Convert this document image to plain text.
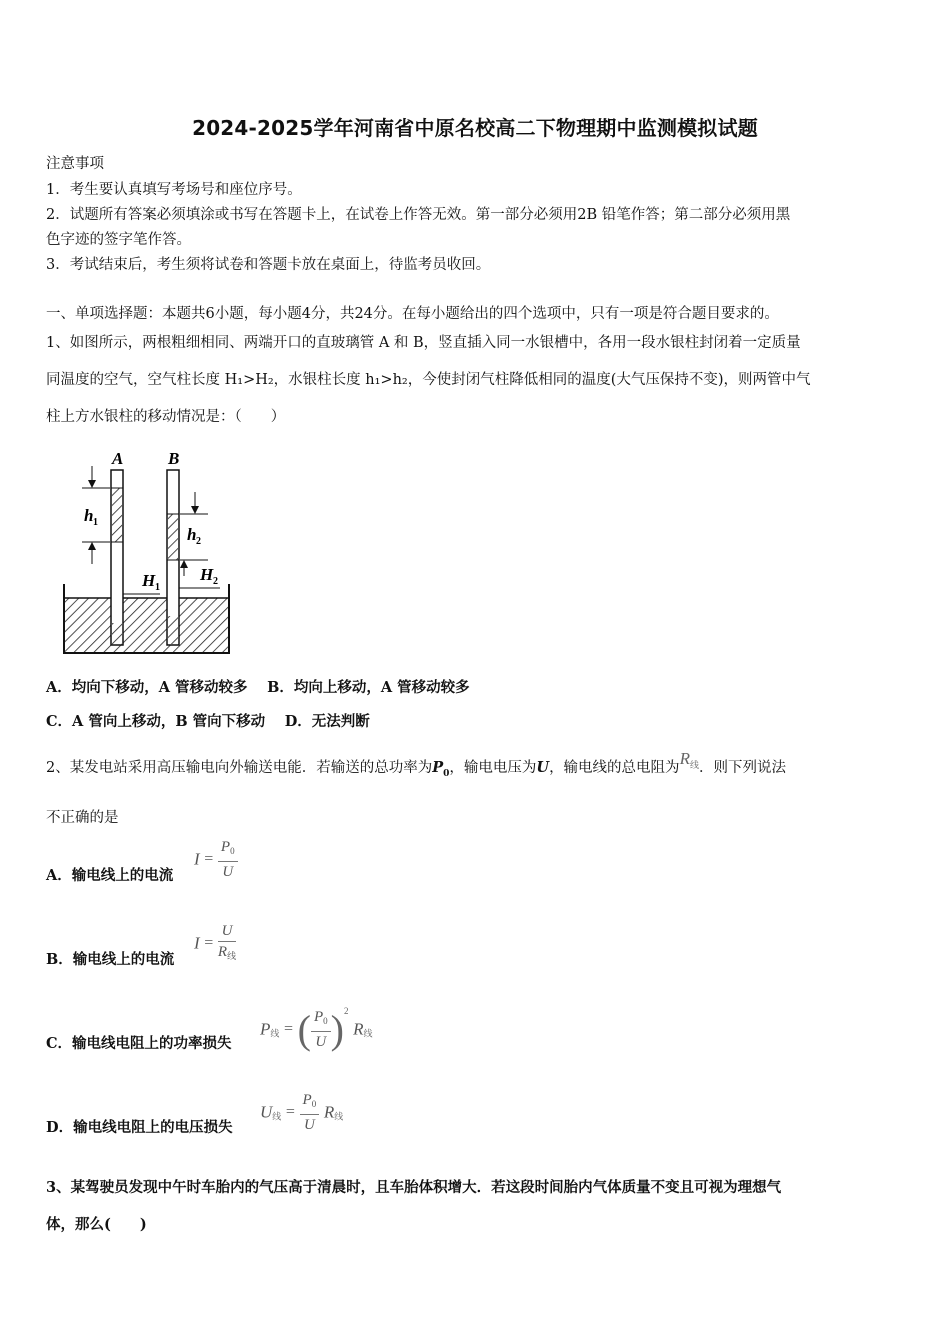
2024-2025学年河南省中原名校高二下物理期中监测模拟试题
注意事项
1．考生要认真填写考场号和座位序号。
2．试题所有答案必须填涂或书写在答题卡上，在试卷上作答无效。第一部分必须用2B 铅笔作答；第二部分必须用黑
色字迹的签字笔作答。
3．考试结束后，考生须将试卷和答题卡放在桌面上，待监考员收回。
一、单项选择题：本题共6小题，每小题4分，共24分。在每小题给出的四个选项中，只有一项是符合题目要求的。
1、如图所示，两根粗细相同、两端开口的直玻璃管 A 和 B，竖直插入同一水银槽中，各用一段水银柱封闭着一定质量
同温度的空气，空气柱长度 H₁>H₂，水银柱长度 h₁>h₂，今使封闭气柱降低相同的温度(大气压保持不变)，则两管中气
柱上方水银柱的移动情况是：（　　）
A	B
h 1
h 2
H 1
H 2
A．均向下移动，A 管移动较多　 B．均向上移动，A 管移动较多
C．A 管向上移动，B 管向下移动　 D．无法判断
2、某发电站采用高压输电向外输送电能．若输送的总功率为$P_0$，输电电压为U，输电线的总电阻为$R^线$．则下列说法
不正确的是
A．输电线上的电流
$I = \frac{P_0}{U}$
B．输电线上的电流
$I = \frac{U}{R_线}$
C．输电线电阻上的功率损失
$P_线$ = ( $\frac{P_0}{U} )^2$ $R_线$
D．输电线电阻上的电压损失
$U_线 = \frac{P_0}{U} R_线$
3、某驾驶员发现中午时车胎内的气压高于清晨时，且车胎体积增大．若这段时间胎内气体质量不变且可视为理想气
体，那么(　　)
